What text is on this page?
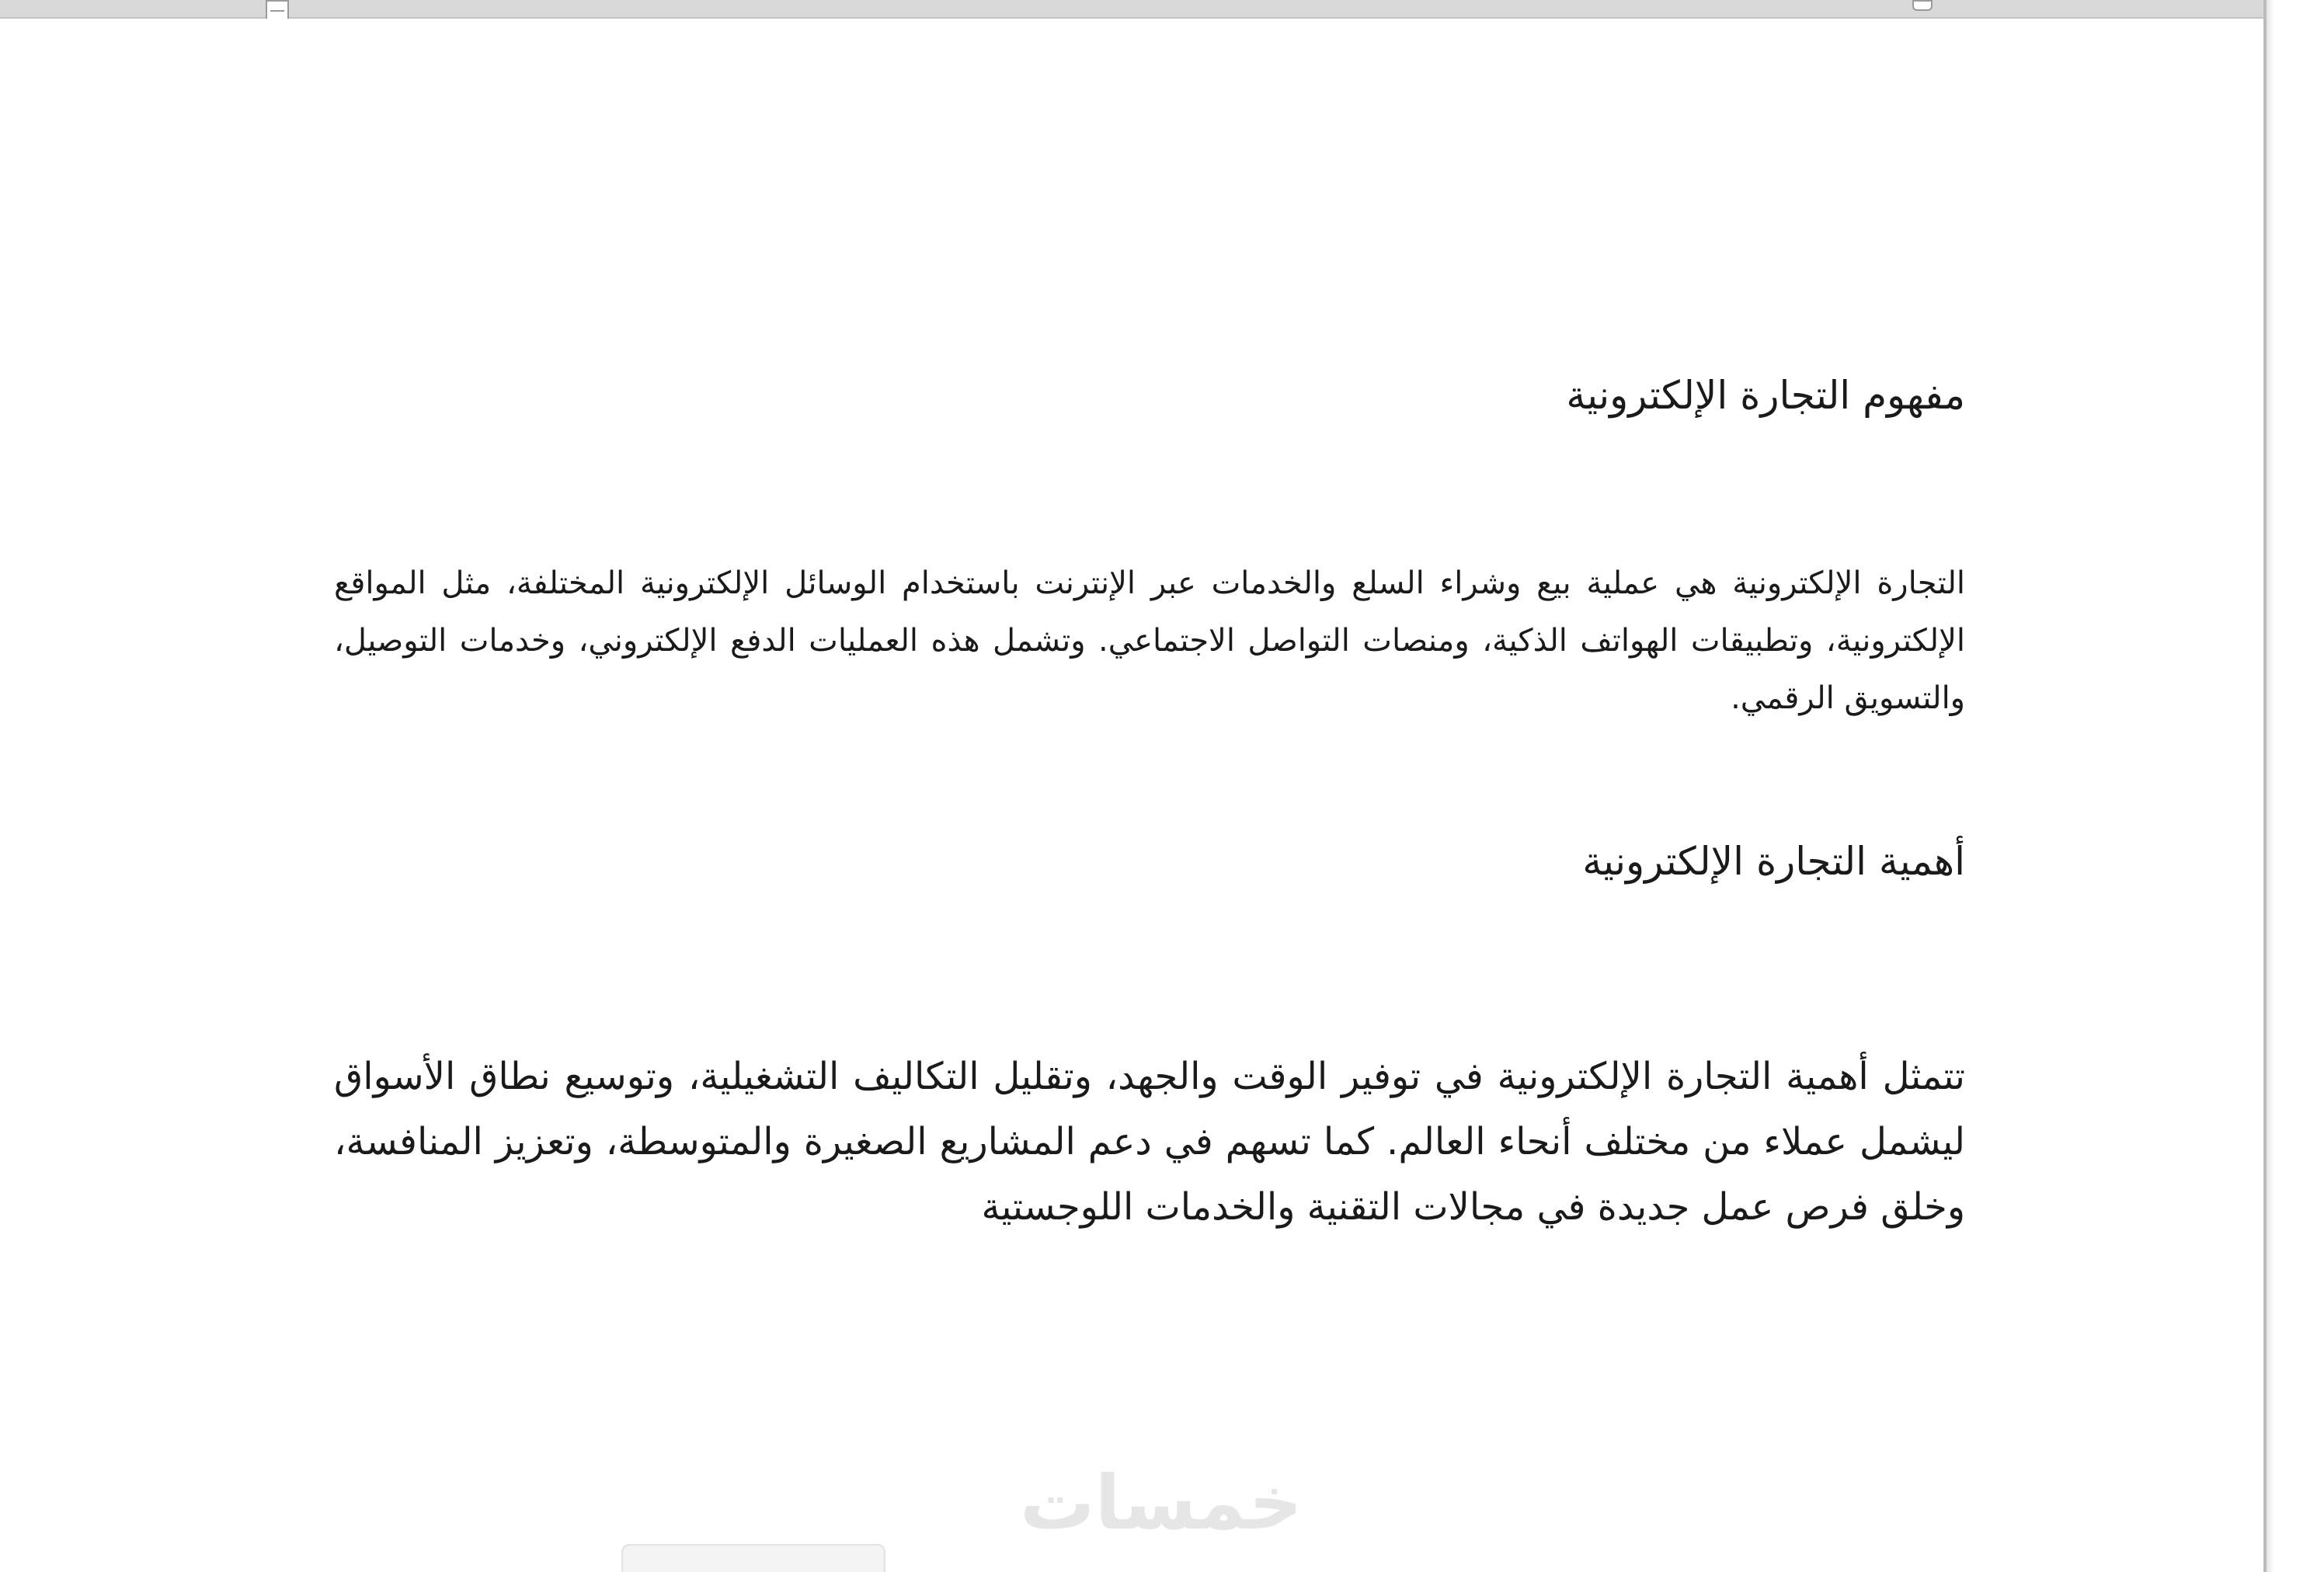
مفهوم التجارة الإلكترونية

التجارة الإلكترونية هي عملية بيع وشراء السلع والخدمات عبر الإنترنت باستخدام الوسائل الإلكترونية المختلفة، مثل المواقع الإلكترونية، وتطبيقات الهواتف الذكية، ومنصات التواصل الاجتماعي. وتشمل هذه العمليات الدفع الإلكتروني، وخدمات التوصيل، والتسويق الرقمي.

أهمية التجارة الإلكترونية

تتمثل أهمية التجارة الإلكترونية في توفير الوقت والجهد، وتقليل التكاليف التشغيلية، وتوسيع نطاق الأسواق ليشمل عملاء من مختلف أنحاء العالم. كما تسهم في دعم المشاريع الصغيرة والمتوسطة، وتعزيز المنافسة، وخلق فرص عمل جديدة في مجالات التقنية والخدمات اللوجستية

خمسات
